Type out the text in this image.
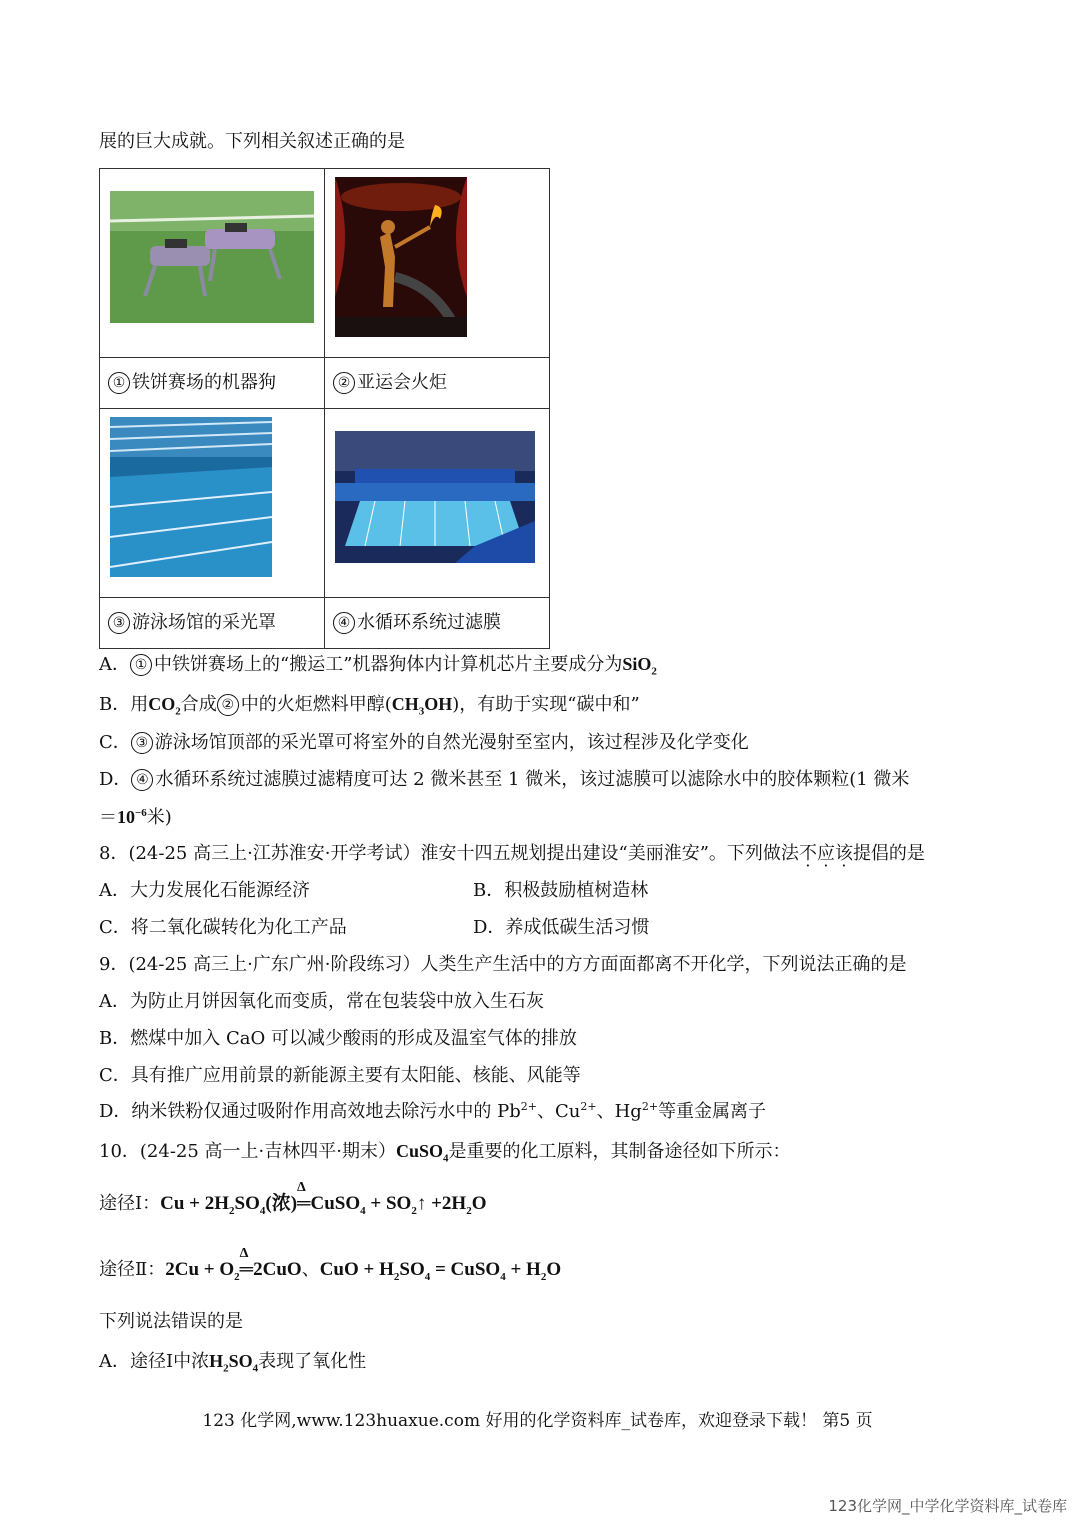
展的巨大成就。下列相关叙述正确的是

① 铁饼赛场的机器狗	② 亚运会火炬

③ 游泳场馆的采光罩	④ 水循环系统过滤膜
A． ① 中铁饼赛场上的“搬运工”机器狗体内计算机芯片主要成分为SiO$_2$
B．用$CO_2$合成 ② 中的火炬燃料甲醇$(CH_3OH)$，有助于实现“碳中和”
C． ③ 游泳场馆顶部的采光罩可将室外的自然光漫射至室内，该过程涉及化学变化
D． ④ 水循环系统过滤膜过滤精度可达 2 微米甚至 1 微米，该过滤膜可以滤除水中的胶体颗粒(1 微米
$=10^{-6}$米)
8．(24-25 高三上·江苏淮安·开学考试）淮安十四五规划提出建设“美丽淮安”。下列做法不应该提倡的是
A．大力发展化石能源经济	B．积极鼓励植树造林
C．将二氧化碳转化为化工产品	D．养成低碳生活习惯
9．(24-25 高三上·广东广州·阶段练习）人类生产生活中的方方面面都离不开化学，下列说法正确的是
A．为防止月饼因氧化而变质，常在包装袋中放入生石灰
B．燃煤中加入 CaO 可以减少酸雨的形成及温室气体的排放
C．具有推广应用前景的新能源主要有太阳能、核能、风能等
D．纳米铁粉仅通过吸附作用高效地去除污水中的 $Pb^{2+}$、$Cu^{2+}$、$Hg^{2+}$等重金属离子
10．(24-25 高一上·吉林四平·期末）CuSO$_4$是重要的化工原料，其制备途径如下所示：
途径Ⅰ：$Cu + 2H_2SO_4$(浓)
Δ
═CuSO$_4$ + $SO_2↑ +2H_2O$
途径Ⅱ：$2Cu + O_2$
Δ
═2CuO、CuO + $H_2SO_4$ = CuSO$_4$ + $H_2O$
下列说法错误的是
A．途径Ⅰ中浓$H_2SO_4$表现了氧化性
123 化学网,www.123huaxue.com 好用的化学资料库_试卷库，欢迎登录下载！ 第5 页
123化学网_中学化学资料库_试卷库
